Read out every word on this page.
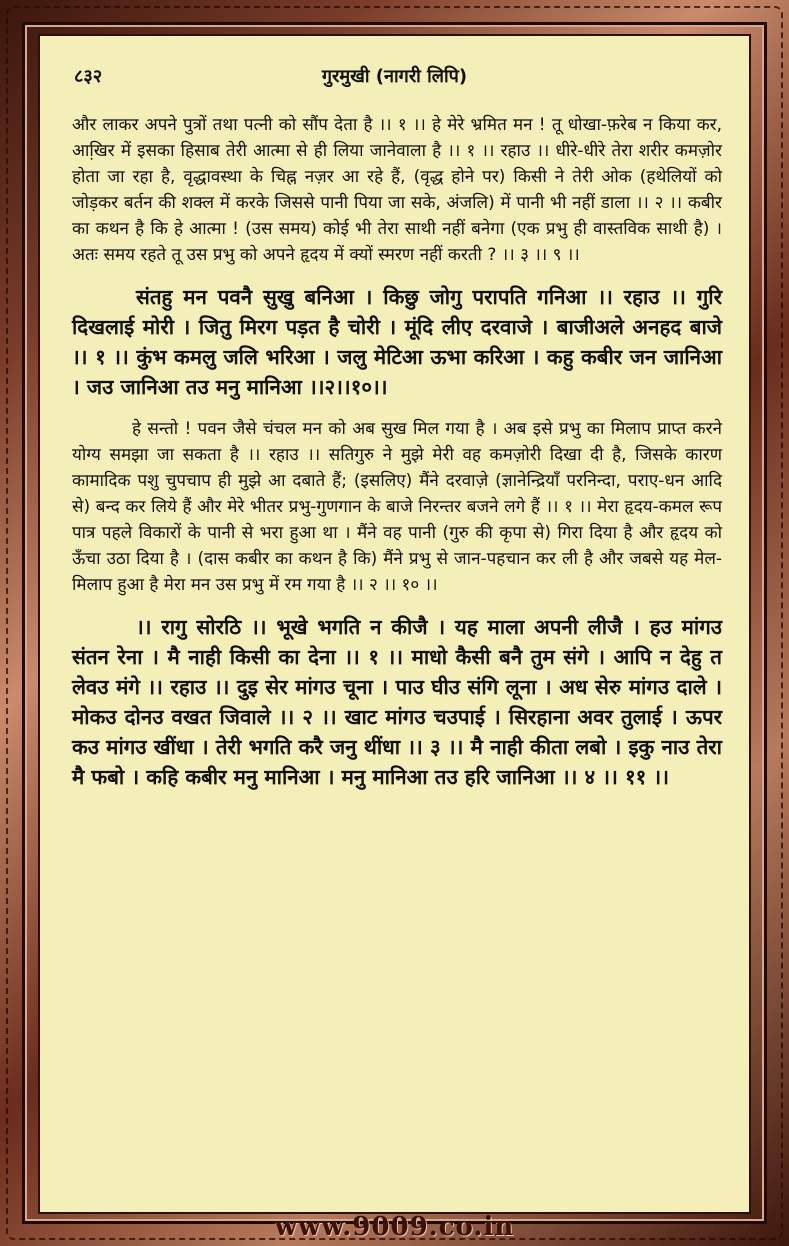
८३२	गुरमुखी (नागरी लिपि)

और लाकर अपने पुत्रों तथा पत्नी को सौंप देता है ।। १ ।। हे मेरे भ्रमित मन ! तू धोखा-फ़रेब न किया कर, आखि़र में इसका हिसाब तेरी आत्मा से ही लिया जानेवाला है ।। १ ।। रहाउ ।। धीरे-धीरे तेरा शरीर कमज़ोर होता जा रहा है, वृद्धावस्था के चिह्न नज़र आ रहे हैं, (वृद्ध होने पर) किसी ने तेरी ओक (हथेलियों को जोड़कर बर्तन की शक्ल में करके जिससे पानी पिया जा सके, अंजलि) में पानी भी नहीं डाला ।। २ ।। कबीर का कथन है कि हे आत्मा ! (उस समय) कोई भी तेरा साथी नहीं बनेगा (एक प्रभु ही वास्तविक साथी है) । अतः समय रहते तू उस प्रभु को अपने हृदय में क्यों स्मरण नहीं करती ? ।। ३ ।। ९ ।।

संतहु मन पवनै सुखु बनिआ । किछु जोगु परापति गनिआ ।। रहाउ ।। गुरि दिखलाई मोरी । जितु मिरग पड़त है चोरी । मूंदि लीए दरवाजे । बाजीअले अनहद बाजे ।। १ ।। कुंभ कमलु जलि भरिआ । जलु मेटिआ ऊभा करिआ । कहु कबीर जन जानिआ । जउ जानिआ तउ मनु मानिआ ।।२।।१०।।

हे सन्तो ! पवन जैसे चंचल मन को अब सुख मिल गया है । अब इसे प्रभु का मिलाप प्राप्त करने योग्य समझा जा सकता है ।। रहाउ ।। सतिगुरु ने मुझे मेरी वह कमज़ोरी दिखा दी है, जिसके कारण कामादिक पशु चुपचाप ही मुझे आ दबाते हैं; (इसलिए) मैंने दरवाजे़ (ज्ञानेन्द्रियाँ परनिन्दा, पराए-धन आदि से) बन्द कर लिये हैं और मेरे भीतर प्रभु-गुणगान के बाजे निरन्तर बजने लगे हैं ।। १ ।। मेरा हृदय-कमल रूप पात्र पहले विकारों के पानी से भरा हुआ था । मैंने वह पानी (गुरु की कृपा से) गिरा दिया है और हृदय को ऊँचा उठा दिया है । (दास कबीर का कथन है कि) मैंने प्रभु से जान-पहचान कर ली है और जबसे यह मेल-मिलाप हुआ है मेरा मन उस प्रभु में रम गया है ।। २ ।। १० ।।

।। रागु सोरठि ।। भूखे भगति न कीजै । यह माला अपनी लीजै । हउ मांगउ संतन रेना । मै नाही किसी का देना ।। १ ।। माधो कैसी बनै तुम संगे । आपि न देहु त लेवउ मंगे ।। रहाउ ।। दुइ सेर मांगउ चूना । पाउ घीउ संगि लूना । अध सेरु मांगउ दाले । मोकउ दोनउ वखत जिवाले ।। २ ।। खाट मांगउ चउपाई । सिरहाना अवर तुलाई । ऊपर कउ मांगउ खींधा । तेरी भगति करै जनु थींधा ।। ३ ।। मै नाही कीता लबो । इकु नाउ तेरा मै फबो । कहि कबीर मनु मानिआ । मनु मानिआ तउ हरि जानिआ ।। ४ ।। ११ ।।

www.9009.co.in
